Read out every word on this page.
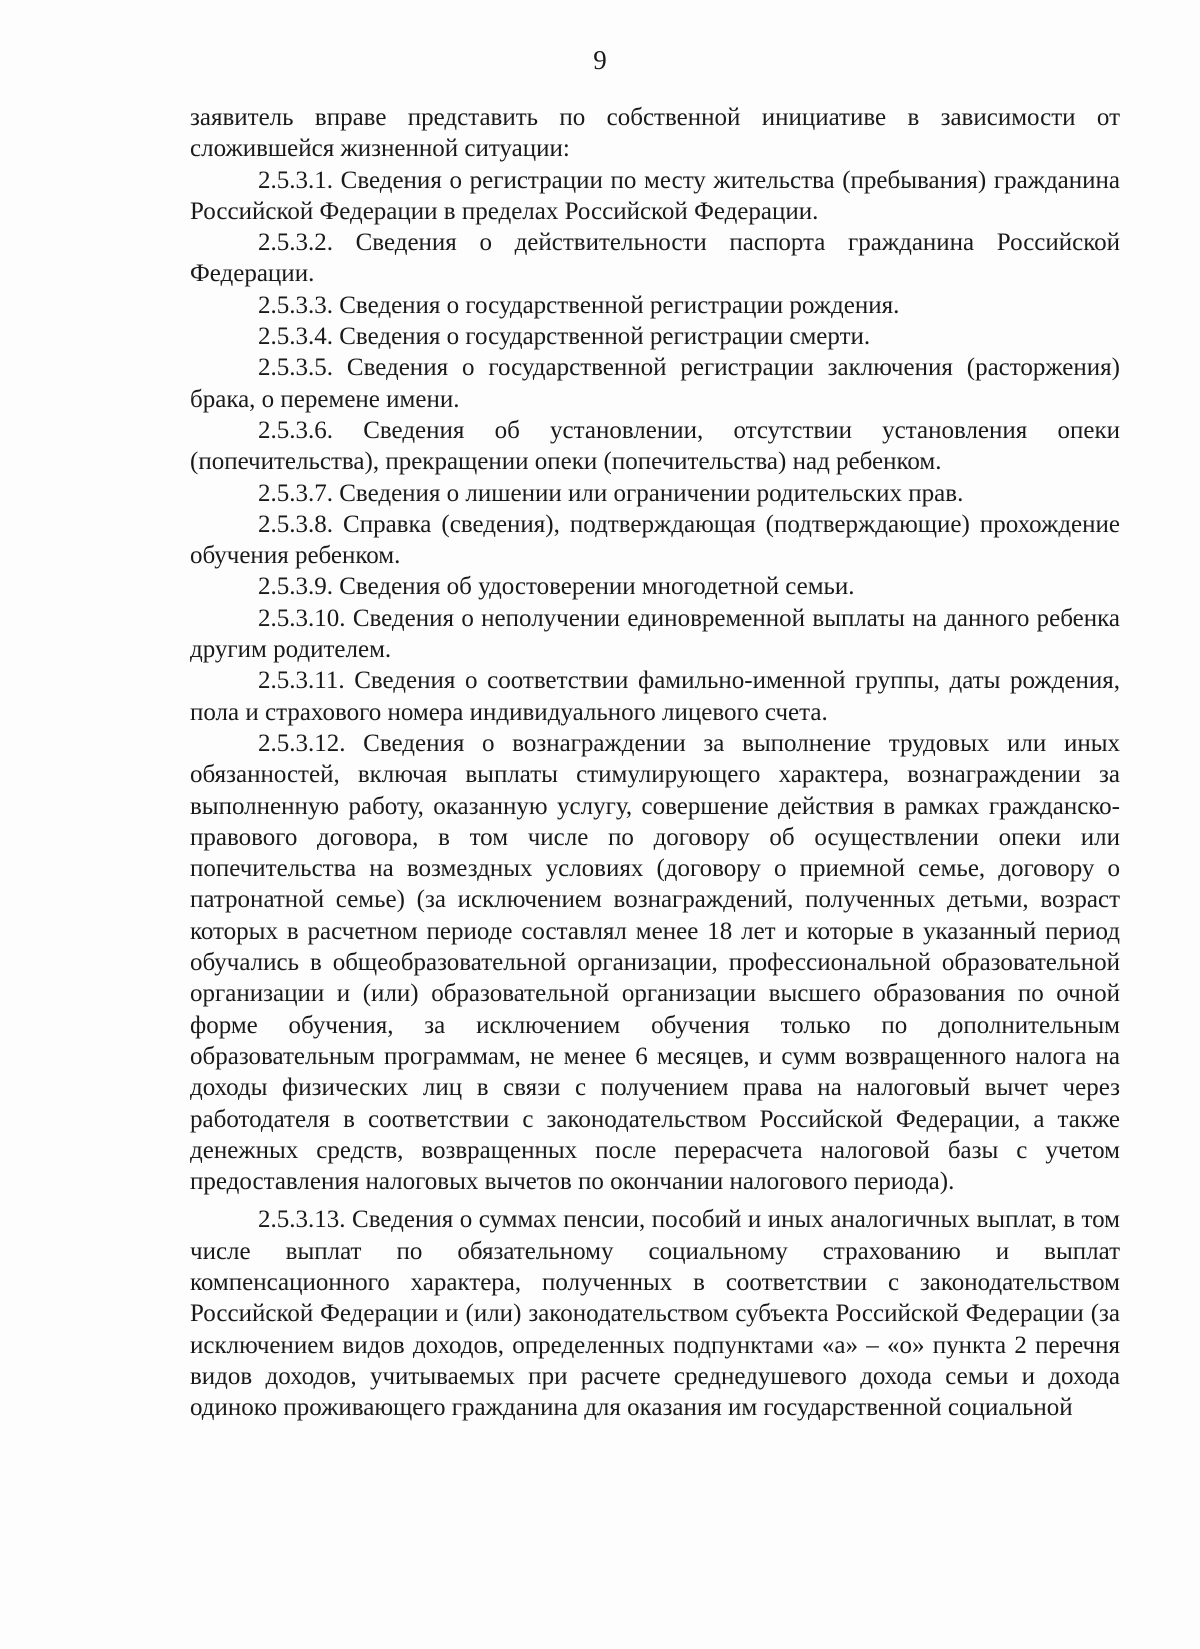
9

заявитель вправе представить по собственной инициативе в зависимости от сложившейся жизненной ситуации:

2.5.3.1. Сведения о регистрации по месту жительства (пребывания) гражданина Российской Федерации в пределах Российской Федерации.

2.5.3.2. Сведения о действительности паспорта гражданина Российской Федерации.

2.5.3.3. Сведения о государственной регистрации рождения.

2.5.3.4. Сведения о государственной регистрации смерти.

2.5.3.5. Сведения о государственной регистрации заключения (расторжения) брака, о перемене имени.

2.5.3.6. Сведения об установлении, отсутствии установления опеки (попечительства), прекращении опеки (попечительства) над ребенком.

2.5.3.7. Сведения о лишении или ограничении родительских прав.

2.5.3.8. Справка (сведения), подтверждающая (подтверждающие) прохождение обучения ребенком.

2.5.3.9. Сведения об удостоверении многодетной семьи.

2.5.3.10. Сведения о неполучении единовременной выплаты на данного ребенка другим родителем.

2.5.3.11. Сведения о соответствии фамильно-именной группы, даты рождения, пола и страхового номера индивидуального лицевого счета.

2.5.3.12. Сведения о вознаграждении за выполнение трудовых или иных обязанностей, включая выплаты стимулирующего характера, вознаграждении за выполненную работу, оказанную услугу, совершение действия в рамках гражданско-правового договора, в том числе по договору об осуществлении опеки или попечительства на возмездных условиях (договору о приемной семье, договору о патронатной семье) (за исключением вознаграждений, полученных детьми, возраст которых в расчетном периоде составлял менее 18 лет и которые в указанный период обучались в общеобразовательной организации, профессиональной образовательной организации и (или) образовательной организации высшего образования по очной форме обучения, за исключением обучения только по дополнительным образовательным программам, не менее 6 месяцев, и сумм возвращенного налога на доходы физических лиц в связи с получением права на налоговый вычет через работодателя в соответствии с законодательством Российской Федерации, а также денежных средств, возвращенных после перерасчета налоговой базы с учетом предоставления налоговых вычетов по окончании налогового периода).

2.5.3.13. Сведения о суммах пенсии, пособий и иных аналогичных выплат, в том числе выплат по обязательному социальному страхованию и выплат компенсационного характера, полученных в соответствии с законодательством Российской Федерации и (или) законодательством субъекта Российской Федерации (за исключением видов доходов, определенных подпунктами «а» – «о» пункта 2 перечня видов доходов, учитываемых при расчете среднедушевого дохода семьи и дохода одиноко проживающего гражданина для оказания им государственной социальной
